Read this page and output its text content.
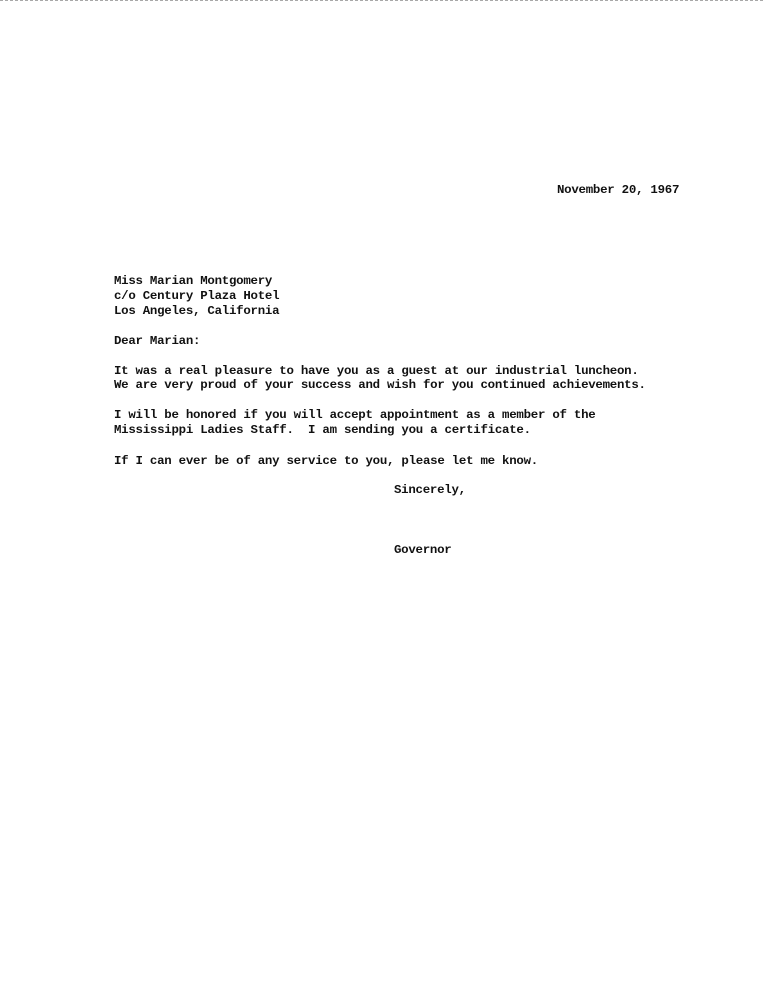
November 20, 1967
Miss Marian Montgomery
c/o Century Plaza Hotel
Los Angeles, California
Dear Marian:
It was a real pleasure to have you as a guest at our industrial luncheon.
We are very proud of your success and wish for you continued achievements.
I will be honored if you will accept appointment as a member of the
Mississippi Ladies Staff.  I am sending you a certificate.
If I can ever be of any service to you, please let me know.
Sincerely,
Governor
